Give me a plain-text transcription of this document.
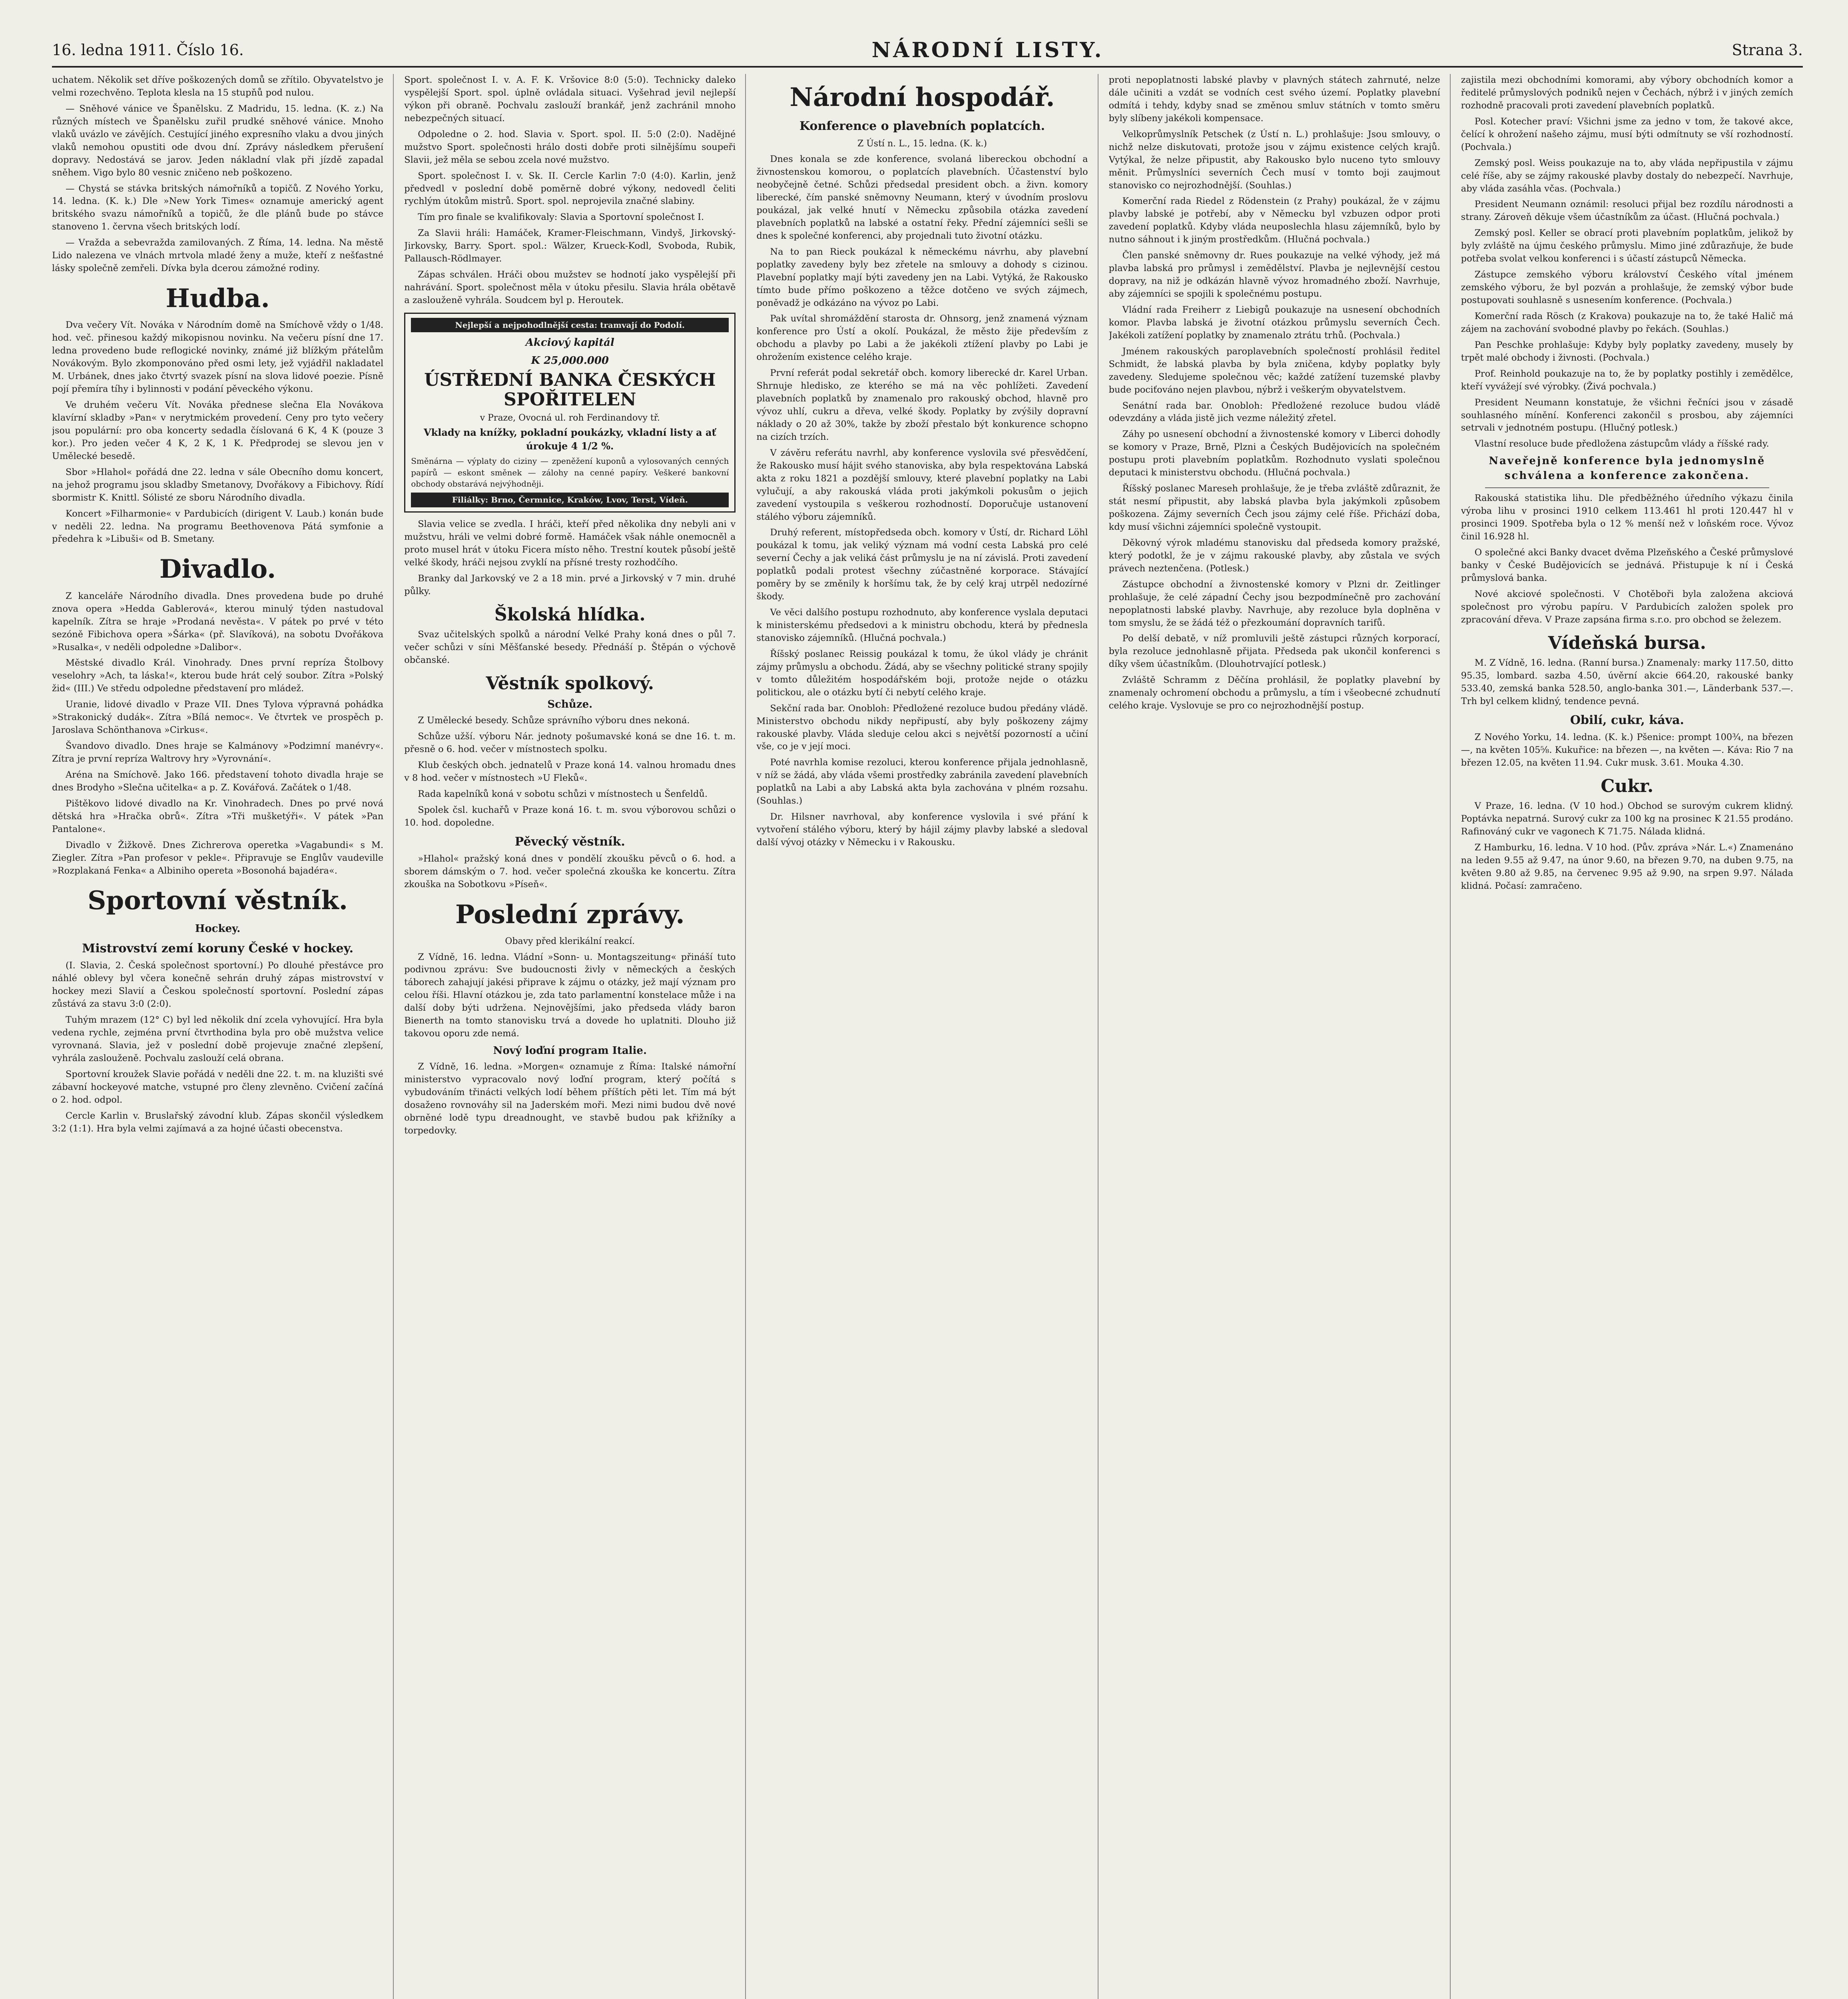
16. ledna 1911. Číslo 16.	NÁRODNÍ LISTY.	Strana 3.

uchatem. Několik set dříve poškozených domů se zřítilo. Obyvatelstvo je velmi rozechvěno. Teplota klesla na 15 stupňů pod nulou.

— Sněhové vánice ve Španělsku. Z Madridu, 15. ledna. (K. z.) Na různých místech ve Španělsku zuřil prudké sněhové vánice. Mnoho vlaků uvázlo ve závějích. Cestující jiného expresního vlaku a dvou jiných vlaků nemohou opustiti ode dvou dní. Zprávy následkem přerušení dopravy. Nedostává se jarov. Jeden nákladní vlak při jízdě zapadal sněhem. Vigo bylo 80 vesnic zničeno neb poškozeno.

— Chystá se stávka britských námořníků a topičů. Z Nového Yorku, 14. ledna. (K. k.) Dle »New York Times« oznamuje americký agent britského svazu námořníků a topičů, že dle plánů bude po stávce stanoveno 1. června všech britských lodí.

— Vražda a sebevražda zamilovaných. Z Říma, 14. ledna. Na městě Lido nalezena ve vlnách mrtvola mladé ženy a muže, kteří z nešťastné lásky společně zemřeli. Dívka byla dcerou zámožné rodiny.

Hudba.

Dva večery Vít. Nováka v Národním domě na Smíchově vždy o 1/48. hod. več. přinesou každý mikopisnou novinku. Na večeru písní dne 17. ledna provedeno bude reflogické novinky, známé již blížkým přátelům Novákovým. Bylo zkomponováno před osmi lety, jež vyjádřil nakladatel M. Urbánek, dnes jako čtvrtý svazek písní na slova lidové poezie. Písně pojí přemíra tíhy i bylinnosti v podání pěveckého výkonu.

Ve druhém večeru Vít. Nováka přednese slečna Ela Novákova klavírní skladby »Pan« v nerytmickém provedení. Ceny pro tyto večery jsou populární: pro oba koncerty sedadla číslovaná 6 K, 4 K (pouze 3 kor.). Pro jeden večer 4 K, 2 K, 1 K. Předprodej se slevou jen v Umělecké besedě.

Sbor »Hlahol« pořádá dne 22. ledna v sále Obecního domu koncert, na jehož programu jsou skladby Smetanovy, Dvořákovy a Fibichovy. Řídí sbormistr K. Knittl. Sólisté ze sboru Národního divadla.

Koncert »Filharmonie« v Pardubicích (dirigent V. Laub.) konán bude v neděli 22. ledna. Na programu Beethovenova Pátá symfonie a předehra k »Libuši« od B. Smetany.

Divadlo.

Z kanceláře Národního divadla. Dnes provedena bude po druhé znova opera »Hedda Gablerová«, kterou minulý týden nastudoval kapelník. Zítra se hraje »Prodaná nevěsta«. V pátek po prvé v této sezóně Fibichova opera »Šárka« (př. Slavíková), na sobotu Dvořákova »Rusalka«, v neděli odpoledne »Dalibor«.

Městské divadlo Král. Vinohrady. Dnes první repríza Štolbovy veselohry »Ach, ta láska!«, kterou bude hrát celý soubor. Zítra »Polský žid« (III.) Ve středu odpoledne představení pro mládež.

Uranie, lidové divadlo v Praze VII. Dnes Tylova výpravná pohádka »Strakonický dudák«. Zítra »Bílá nemoc«. Ve čtvrtek ve prospěch p. Jaroslava Schönthanova »Cirkus«.

Švandovo divadlo. Dnes hraje se Kalmánovy »Podzimní manévry«. Zítra je první repríza Waltrovy hry »Vyrovnání«.

Aréna na Smíchově. Jako 166. představení tohoto divadla hraje se dnes Brodyho »Slečna učitelka« a p. Z. Kovářová. Začátek o 1/48.

Pištěkovo lidové divadlo na Kr. Vinohradech. Dnes po prvé nová dětská hra »Hračka obrů«. Zítra »Tři mušketýři«. V pátek »Pan Pantalone«.

Divadlo v Žižkově. Dnes Zichrerova operetka »Vagabundi« s M. Ziegler. Zítra »Pan profesor v pekle«. Připravuje se Englův vaudeville »Rozplakaná Fenka« a Albiniho opereta »Bosonohá bajadéra«.

Sportovní věstník.
Hockey.
Mistrovství zemí koruny České v hockey.

(I. Slavia, 2. Česká společnost sportovní.) Po dlouhé přestávce pro náhlé oblevy byl včera konečně sehrán druhý zápas mistrovství v hockey mezi Slavií a Českou společností sportovní. Poslední zápas zůstává za stavu 3:0 (2:0).

Tuhým mrazem (12° C) byl led několik dní zcela vyhovující. Hra byla vedena rychle, zejména první čtvrthodina byla pro obě mužstva velice vyrovnaná. Slavia, jež v poslední době projevuje značné zlepšení, vyhrála zaslouženě. Pochvalu zaslouží celá obrana.

Sportovní kroužek Slavie pořádá v neděli dne 22. t. m. na kluzišti své zábavní hockeyové matche, vstupné pro členy zlevněno. Cvičení začíná o 2. hod. odpol.

Cercle Karlin v. Bruslařský závodní klub. Zápas skončil výsledkem 3:2 (1:1). Hra byla velmi zajímavá a za hojné účasti obecenstva.

Sport. společnost I. v. A. F. K. Vršovice 8:0 (5:0). Technicky daleko vyspělejší Sport. spol. úplně ovládala situaci. Vyšehrad jevil nejlepší výkon při obraně. Pochvalu zaslouží brankář, jenž zachránil mnoho nebezpečných situací.

Odpoledne o 2. hod. Slavia v. Sport. spol. II. 5:0 (2:0). Nadějné mužstvo Sport. společnosti hrálo dosti dobře proti silnějšímu soupeři Slavii, jež měla se sebou zcela nové mužstvo.

Sport. společnost I. v. Sk. II. Cercle Karlin 7:0 (4:0). Karlin, jenž předvedl v poslední době poměrně dobré výkony, nedovedl čeliti rychlým útokům mistrů. Sport. spol. neprojevila značné slabiny.

Tím pro finale se kvalifikovaly: Slavia a Sportovní společnost I.

Za Slavii hráli: Hamáček, Kramer-Fleischmann, Vindyš, Jirkovský-Jirkovsky, Barry. Sport. spol.: Wälzer, Krueck-Kodl, Svoboda, Rubik, Pallausch-Rödlmayer.

Zápas schválen. Hráči obou mužstev se hodnotí jako vyspělejší při nahrávání. Sport. společnost měla v útoku přesilu. Slavia hrála obětavě a zaslouženě vyhrála. Soudcem byl p. Heroutek.

Nejlepší a nejpohodlnější cesta: tramvají do Podolí.
Akciový kapitál
K 25,000.000
ÚSTŘEDNÍ BANKA ČESKÝCH SPOŘITELEN
v Praze, Ovocná ul. roh Ferdinandovy tř.
Vklady na knížky, pokladní poukázky, vkladní listy a ať úrokuje 4 1/2 %.
Směnárna — výplaty do ciziny — zpeněžení kuponů a vylosovaných cenných papírů — eskont směnek — zálohy na cenné papíry. Veškeré bankovní obchody obstarává nejvýhodněji.
Filiálky: Brno, Čermnice, Kraków, Lvov, Terst, Vídeň.

Slavia velice se zvedla. I hráči, kteří před několika dny nebyli ani v mužstvu, hráli ve velmi dobré formě. Hamáček však náhle onemocněl a proto musel hrát v útoku Ficera místo něho. Trestní koutek působí ještě velké škody, hráči nejsou zvyklí na přísné tresty rozhodčího.

Branky dal Jarkovský ve 2 a 18 min. prvé a Jirkovský v 7 min. druhé půlky.

Školská hlídka.

Svaz učitelských spolků a národní Velké Prahy koná dnes o půl 7. večer schůzi v síni Měšťanské besedy. Přednáší p. Štěpán o výchově občanské.

Věstník spolkový.
Schůze.

Z Umělecké besedy. Schůze správního výboru dnes nekoná.

Schůze užší. výboru Nár. jednoty pošumavské koná se dne 16. t. m. přesně o 6. hod. večer v místnostech spolku.

Klub českých obch. jednatelů v Praze koná 14. valnou hromadu dnes v 8 hod. večer v místnostech »U Fleků«.

Rada kapelníků koná v sobotu schůzi v místnostech u Šenfeldů.

Spolek čsl. kuchařů v Praze koná 16. t. m. svou výborovou schůzi o 10. hod. dopoledne.

Pěvecký věstník.

»Hlahol« pražský koná dnes v pondělí zkoušku pěvců o 6. hod. a sborem dámským o 7. hod. večer společná zkouška ke koncertu. Zítra zkouška na Sobotkovu »Píseň«.

Poslední zprávy.
Obavy před klerikální reakcí.

Z Vídně, 16. ledna. Vládní »Sonn- u. Montagszeitung« přináší tuto podivnou zprávu: Sve budoucnosti živly v německých a českých táborech zahajují jakési připrave k zájmu o otázky, jež mají význam pro celou říši. Hlavní otázkou je, zda tato parlamentní konstelace může i na další doby býti udržena. Nejnovějšími, jako předseda vlády baron Bienerth na tomto stanovisku trvá a dovede ho uplatniti. Dlouho již takovou oporu zde nemá.

Nový loďní program Italie.

Z Vídně, 16. ledna. »Morgen« oznamuje z Říma: Italské námořní ministerstvo vypracovalo nový loďní program, který počítá s vybudováním třinácti velkých lodí během příštích pěti let. Tím má být dosaženo rovnováhy sil na Jaderském moři. Mezi nimi budou dvě nové obrněné lodě typu dreadnought, ve stavbě budou pak křižníky a torpedovky.

Národní hospodář.
Konference o plavebních poplatcích.
Z Ústí n. L., 15. ledna. (K. k.)

Dnes konala se zde konference, svolaná libereckou obchodní a živnostenskou komorou, o poplatcích plavebních. Účastenství bylo neobyčejně četné. Schůzi předsedal president obch. a živn. komory liberecké, čím panské sněmovny Neumann, který v úvodním proslovu poukázal, jak velké hnutí v Německu způsobila otázka zavedení plavebních poplatků na labské a ostatní řeky. Přední zájemníci sešli se dnes k společné konferenci, aby projednali tuto životní otázku.

Na to pan Rieck poukázal k německému návrhu, aby plavební poplatky zavedeny byly bez zřetele na smlouvy a dohody s cizinou. Plavební poplatky mají býti zavedeny jen na Labi. Vytýká, že Rakousko tímto bude přímo poškozeno a těžce dotčeno ve svých zájmech, poněvadž je odkázáno na vývoz po Labi.

Pak uvítal shromáždění starosta dr. Ohnsorg, jenž znamená význam konference pro Ústí a okolí. Poukázal, že město žije především z obchodu a plavby po Labi a že jakékoli ztížení plavby po Labi je ohrožením existence celého kraje.

První referát podal sekretář obch. komory liberecké dr. Karel Urban. Shrnuje hledisko, ze kterého se má na věc pohlížeti. Zavedení plavebních poplatků by znamenalo pro rakouský obchod, hlavně pro vývoz uhlí, cukru a dřeva, velké škody. Poplatky by zvýšily dopravní náklady o 20 až 30%, takže by zboží přestalo být konkurence schopno na cizích trzích.

V závěru referátu navrhl, aby konference vyslovila své přesvědčení, že Rakousko musí hájit svého stanoviska, aby byla respektována Labská akta z roku 1821 a pozdější smlouvy, které plavební poplatky na Labi vylučují, a aby rakouská vláda proti jakýmkoli pokusům o jejich zavedení vystoupila s veškerou rozhodností. Doporučuje ustanovení stálého výboru zájemníků.

Druhý referent, místopředseda obch. komory v Ústí, dr. Richard Löhl poukázal k tomu, jak veliký význam má vodní cesta Labská pro celé severní Čechy a jak veliká část průmyslu je na ní závislá. Proti zavedení poplatků podali protest všechny zúčastněné korporace. Stávající poměry by se změnily k horšímu tak, že by celý kraj utrpěl nedozírné škody.

Ve věci dalšího postupu rozhodnuto, aby konference vyslala deputaci k ministerskému předsedovi a k ministru obchodu, která by přednesla stanovisko zájemníků. (Hlučná pochvala.)

Říšský poslanec Reissig poukázal k tomu, že úkol vlády je chránit zájmy průmyslu a obchodu. Žádá, aby se všechny politické strany spojily v tomto důležitém hospodářském boji, protože nejde o otázku politickou, ale o otázku bytí či nebytí celého kraje.

Sekční rada bar. Onobloh: Předložené rezoluce budou předány vládě. Ministerstvo obchodu nikdy nepřipustí, aby byly poškozeny zájmy rakouské plavby. Vláda sleduje celou akci s největší pozorností a učiní vše, co je v její moci.

Poté navrhla komise rezoluci, kterou konference přijala jednohlasně, v níž se žádá, aby vláda všemi prostředky zabránila zavedení plavebních poplatků na Labi a aby Labská akta byla zachována v plném rozsahu. (Souhlas.)

Dr. Hilsner navrhoval, aby konference vyslovila i své přání k vytvoření stálého výboru, který by hájil zájmy plavby labské a sledoval další vývoj otázky v Německu i v Rakousku.

proti nepoplatnosti labské plavby v plavných státech zahrnuté, nelze dále učiniti a vzdát se vodních cest svého území. Poplatky plavební odmítá i tehdy, kdyby snad se změnou smluv státních v tomto směru byly slíbeny jakékoli kompensace.

Velkoprůmyslník Petschek (z Ústí n. L.) prohlašuje: Jsou smlouvy, o nichž nelze diskutovati, protože jsou v zájmu existence celých krajů. Vytýkal, že nelze připustit, aby Rakousko bylo nuceno tyto smlouvy měnit. Průmyslníci severních Čech musí v tomto boji zaujmout stanovisko co nejrozhodnější. (Souhlas.)

Komerční rada Riedel z Rödenstein (z Prahy) poukázal, že v zájmu plavby labské je potřebí, aby v Německu byl vzbuzen odpor proti zavedení poplatků. Kdyby vláda neuposlechla hlasu zájemníků, bylo by nutno sáhnout i k jiným prostředkům. (Hlučná pochvala.)

Člen panské sněmovny dr. Rues poukazuje na velké výhody, jež má plavba labská pro průmysl i zemědělství. Plavba je nejlevnější cestou dopravy, na niž je odkázán hlavně vývoz hromadného zboží. Navrhuje, aby zájemníci se spojili k společnému postupu.

Vládní rada Freiherr z Liebigů poukazuje na usnesení obchodních komor. Plavba labská je životní otázkou průmyslu severních Čech. Jakékoli zatížení poplatky by znamenalo ztrátu trhů. (Pochvala.)

Jménem rakouských paroplavebních společností prohlásil ředitel Schmidt, že labská plavba by byla zničena, kdyby poplatky byly zavedeny. Sledujeme společnou věc; každé zatížení tuzemské plavby bude pociťováno nejen plavbou, nýbrž i veškerým obyvatelstvem.

Senátní rada bar. Onobloh: Předložené rezoluce budou vládě odevzdány a vláda jistě jich vezme náležitý zřetel.

Záhy po usnesení obchodní a živnostenské komory v Liberci dohodly se komory v Praze, Brně, Plzni a Českých Budějovicích na společném postupu proti plavebním poplatkům. Rozhodnuto vyslati společnou deputaci k ministerstvu obchodu. (Hlučná pochvala.)

Říšský poslanec Mareseh prohlašuje, že je třeba zvláště zdůraznit, že stát nesmí připustit, aby labská plavba byla jakýmkoli způsobem poškozena. Zájmy severních Čech jsou zájmy celé říše. Přichází doba, kdy musí všichni zájemníci společně vystoupit.

Děkovný výrok mladému stanovisku dal předseda komory pražské, který podotkl, že je v zájmu rakouské plavby, aby zůstala ve svých právech neztenčena. (Potlesk.)

Zástupce obchodní a živnostenské komory v Plzni dr. Zeitlinger prohlašuje, že celé západní Čechy jsou bezpodmínečně pro zachování nepoplatnosti labské plavby. Navrhuje, aby rezoluce byla doplněna v tom smyslu, že se žádá též o přezkoumání dopravních tarifů.

Po delší debatě, v níž promluvili ještě zástupci různých korporací, byla rezoluce jednohlasně přijata. Předseda pak ukončil konferenci s díky všem účastníkům. (Dlouhotrvající potlesk.)

Zvláště Schramm z Děčína prohlásil, že poplatky plavební by znamenaly ochromení obchodu a průmyslu, a tím i všeobecné zchudnutí celého kraje. Vyslovuje se pro co nejrozhodnější postup.

zajistila mezi obchodními komorami, aby výbory obchodních komor a ředitelé průmyslových podniků nejen v Čechách, nýbrž i v jiných zemích rozhodně pracovali proti zavedení plavebních poplatků.

Posl. Kotecher praví: Všichni jsme za jedno v tom, že takové akce, čelící k ohrožení našeho zájmu, musí býti odmítnuty se vší rozhodností. (Pochvala.)

Zemský posl. Weiss poukazuje na to, aby vláda nepřipustila v zájmu celé říše, aby se zájmy rakouské plavby dostaly do nebezpečí. Navrhuje, aby vláda zasáhla včas. (Pochvala.)

President Neumann oznámil: resoluci přijal bez rozdílu národnosti a strany. Zároveň děkuje všem účastníkům za účast. (Hlučná pochvala.)

Zemský posl. Keller se obrací proti plavebním poplatkům, jelikož by byly zvláště na újmu českého průmyslu. Mimo jiné zdůrazňuje, že bude potřeba svolat velkou konferenci i s účastí zástupců Německa.

Zástupce zemského výboru království Českého vítal jménem zemského výboru, že byl pozván a prohlašuje, že zemský výbor bude postupovati souhlasně s usnesením konference. (Pochvala.)

Komerční rada Rösch (z Krakova) poukazuje na to, že také Halič má zájem na zachování svobodné plavby po řekách. (Souhlas.)

Pan Peschke prohlašuje: Kdyby byly poplatky zavedeny, musely by trpět malé obchody i živnosti. (Pochvala.)

Prof. Reinhold poukazuje na to, že by poplatky postihly i zemědělce, kteří vyvážejí své výrobky. (Živá pochvala.)

President Neumann konstatuje, že všichni řečníci jsou v zásadě souhlasného mínění. Konferenci zakončil s prosbou, aby zájemníci setrvali v jednotném postupu. (Hlučný potlesk.)

Vlastní resoluce bude předložena zástupcům vlády a říšské rady.

Naveřejně konference byla jednomyslně schválena a konference zakončena.

Rakouská statistika lihu. Dle předběžného úředního výkazu činila výroba lihu v prosinci 1910 celkem 113.461 hl proti 120.447 hl v prosinci 1909. Spotřeba byla o 12 % menší než v loňském roce. Vývoz činil 16.928 hl.

O společné akci Banky dvacet dvěma Plzeňského a České průmyslové banky v České Budějovicích se jednává. Přistupuje k ní i Česká průmyslová banka.

Nové akciové společnosti. V Chotěboři byla založena akciová společnost pro výrobu papíru. V Pardubicích založen spolek pro zpracování dřeva. V Praze zapsána firma s.r.o. pro obchod se železem.

Vídeňská bursa.

M. Z Vídně, 16. ledna. (Ranní bursa.) Znamenaly: marky 117.50, ditto 95.35, lombard. sazba 4.50, úvěrní akcie 664.20, rakouské banky 533.40, zemská banka 528.50, anglo-banka 301.—, Länderbank 537.—. Trh byl celkem klidný, tendence pevná.

Obilí, cukr, káva.

Z Nového Yorku, 14. ledna. (K. k.) Pšenice: prompt 100¾, na březen —, na květen 105⅝. Kukuřice: na březen —, na květen —. Káva: Rio 7 na březen 12.05, na květen 11.94. Cukr musk. 3.61. Mouka 4.30.

Cukr.

V Praze, 16. ledna. (V 10 hod.) Obchod se surovým cukrem klidný. Poptávka nepatrná. Surový cukr za 100 kg na prosinec K 21.55 prodáno. Rafinováný cukr ve vagonech K 71.75. Nálada klidná.

Z Hamburku, 16. ledna. V 10 hod. (Pův. zpráva »Nár. L.«) Znamenáno na leden 9.55 až 9.47, na únor 9.60, na březen 9.70, na duben 9.75, na květen 9.80 až 9.85, na červenec 9.95 až 9.90, na srpen 9.97. Nálada klidná. Počasí: zamračeno.
